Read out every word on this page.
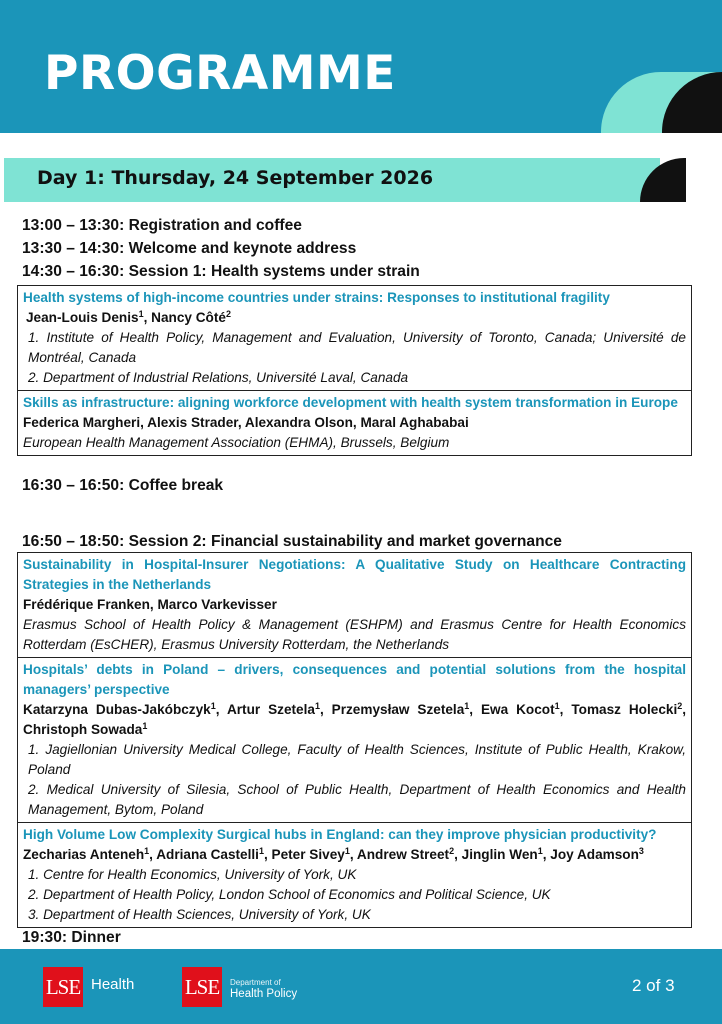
PROGRAMME
Day 1: Thursday, 24 September 2026
13:00 – 13:30: Registration and coffee
13:30 – 14:30: Welcome and keynote address
14:30 – 16:30: Session 1: Health systems under strain
Health systems of high-income countries under strains: Responses to institutional fragility
Jean-Louis Denis$^1$, Nancy Côté$^2$
1. Institute of Health Policy, Management and Evaluation, University of Toronto, Canada; Université de Montréal, Canada
2. Department of Industrial Relations, Université Laval, Canada
Skills as infrastructure: aligning workforce development with health system transformation in Europe
Federica Margheri, Alexis Strader, Alexandra Olson, Maral Aghababai
European Health Management Association (EHMA), Brussels, Belgium
16:30 – 16:50: Coffee break
16:50 – 18:50: Session 2: Financial sustainability and market governance
Sustainability in Hospital-Insurer Negotiations: A Qualitative Study on Healthcare Contracting Strategies in the Netherlands
Frédérique Franken, Marco Varkevisser
Erasmus School of Health Policy & Management (ESHPM) and Erasmus Centre for Health Economics Rotterdam (EsCHER), Erasmus University Rotterdam, the Netherlands
Hospitals’ debts in Poland – drivers, consequences and potential solutions from the hospital managers’ perspective
Katarzyna Dubas-Jakóbczyk$^1$, Artur Szetela$^1$, Przemysław Szetela$^1$, Ewa Kocot$^1$, Tomasz Holecki$^2$, Christoph Sowada$^1$
1. Jagiellonian University Medical College, Faculty of Health Sciences, Institute of Public Health, Krakow, Poland
2. Medical University of Silesia, School of Public Health, Department of Health Economics and Health Management, Bytom, Poland
High Volume Low Complexity Surgical hubs in England: can they improve physician productivity?
Zecharias Anteneh$^1$, Adriana Castelli$^1$, Peter Sivey$^1$, Andrew Street$^2$, Jinglin Wen$^1$, Joy Adamson$^3$
1. Centre for Health Economics, University of York, UK
2. Department of Health Policy, London School of Economics and Political Science, UK
3. Department of Health Sciences, University of York, UK
19:30: Dinner
LSE Health LSE	Department of
Health Policy	2 of 3
